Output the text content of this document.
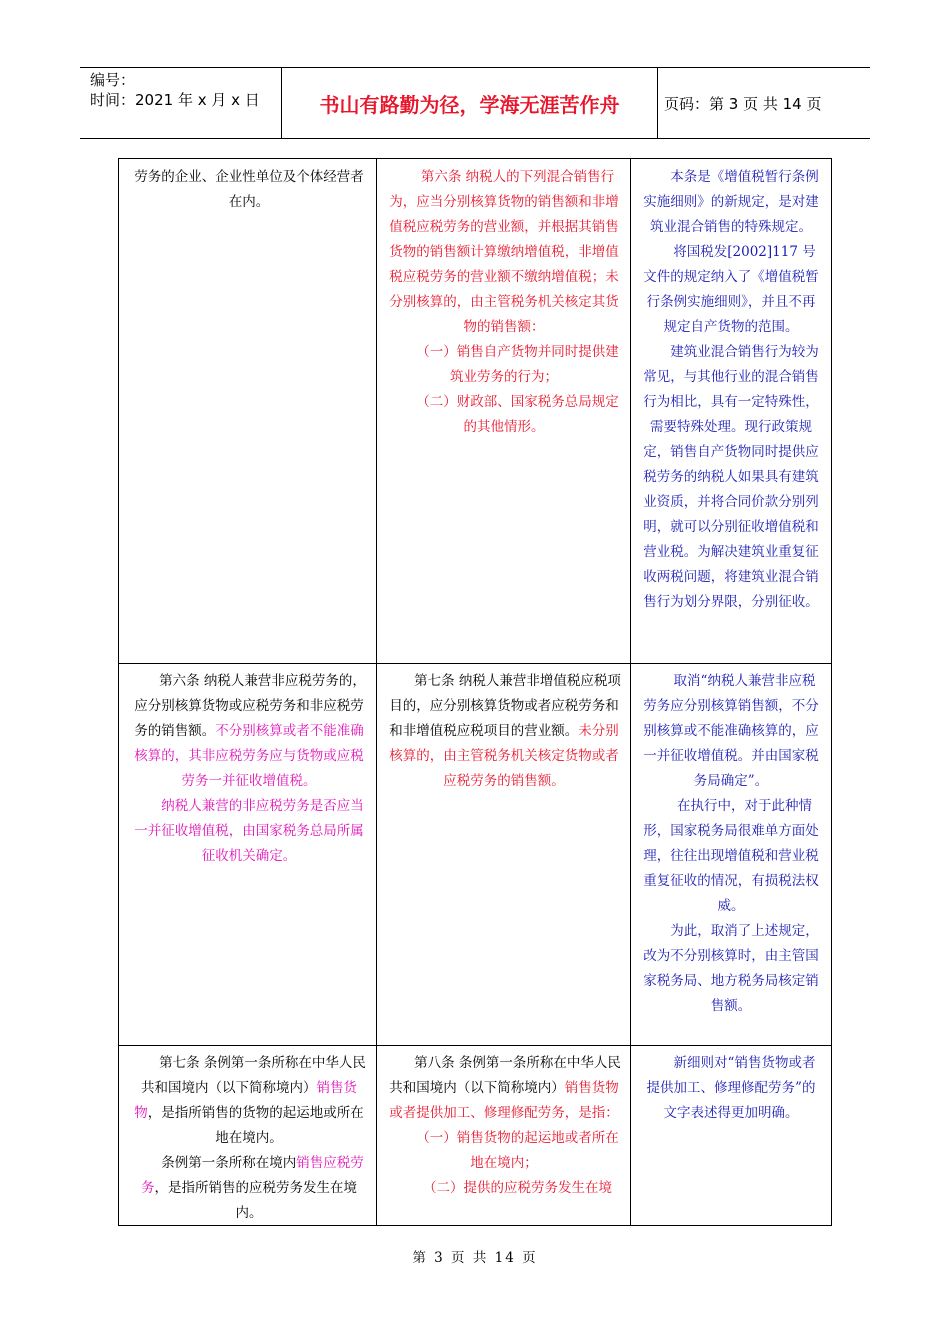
编号：
时间：2021 年 x 月 x 日	书山有路勤为径，学海无涯苦作舟	页码：第 3 页 共 14 页

劳务的企业、企业性单位及个体经营者在内。

第六条 纳税人的下列混合销售行为，应当分别核算货物的销售额和非增值税应税劳务的营业额，并根据其销售货物的销售额计算缴纳增值税，非增值税应税劳务的营业额不缴纳增值税；未分别核算的，由主管税务机关核定其货物的销售额：

（一）销售自产货物并同时提供建筑业劳务的行为；

（二）财政部、国家税务总局规定的其他情形。

本条是《增值税暂行条例实施细则》的新规定，是对建筑业混合销售的特殊规定。

将国税发[2002]117 号文件的规定纳入了《增值税暂行条例实施细则》，并且不再规定自产货物的范围。

建筑业混合销售行为较为常见，与其他行业的混合销售行为相比，具有一定特殊性，需要特殊处理。现行政策规定，销售自产货物同时提供应税劳务的纳税人如果具有建筑业资质，并将合同价款分别列明，就可以分别征收增值税和营业税。为解决建筑业重复征收两税问题，将建筑业混合销售行为划分界限，分别征收。

第六条 纳税人兼营非应税劳务的，应分别核算货物或应税劳务和非应税劳务的销售额。不分别核算或者不能准确核算的，其非应税劳务应与货物或应税劳务一并征收增值税。

纳税人兼营的非应税劳务是否应当一并征收增值税，由国家税务总局所属征收机关确定。

第七条 纳税人兼营非增值税应税项目的，应分别核算货物或者应税劳务和和非增值税应税项目的营业额。未分别核算的，由主管税务机关核定货物或者应税劳务的销售额。

取消“纳税人兼营非应税劳务应分别核算销售额，不分别核算或不能准确核算的，应一并征收增值税。并由国家税务局确定”。

在执行中，对于此种情形，国家税务局很难单方面处理，往往出现增值税和营业税重复征收的情况，有损税法权威。

为此，取消了上述规定，改为不分别核算时，由主管国家税务局、地方税务局核定销售额。

第七条 条例第一条所称在中华人民共和国境内（以下简称境内）销售货物，是指所销售的货物的起运地或所在地在境内。

条例第一条所称在境内销售应税劳务，是指所销售的应税劳务发生在境内。

第八条 条例第一条所称在中华人民共和国境内（以下简称境内）销售货物或者提供加工、修理修配劳务，是指：

（一）销售货物的起运地或者所在地在境内；

（二）提供的应税劳务发生在境

新细则对“销售货物或者提供加工、修理修配劳务”的文字表述得更加明确。

第 3 页 共 14 页
